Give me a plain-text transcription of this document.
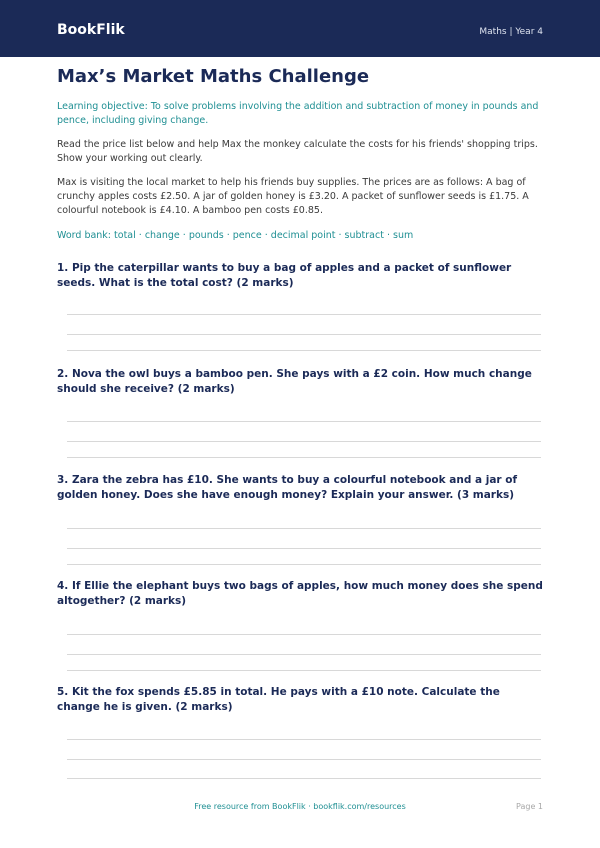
BookFlik	Maths | Year 4
Max’s Market Maths Challenge
Learning objective: To solve problems involving the addition and subtraction of money in pounds and pence, including giving change.
Read the price list below and help Max the monkey calculate the costs for his friends' shopping trips. Show your working out clearly.
Max is visiting the local market to help his friends buy supplies. The prices are as follows: A bag of crunchy apples costs £2.50. A jar of golden honey is £3.20. A packet of sunflower seeds is £1.75. A colourful notebook is £4.10. A bamboo pen costs £0.85.
Word bank: total · change · pounds · pence · decimal point · subtract · sum
1. Pip the caterpillar wants to buy a bag of apples and a packet of sunflower seeds. What is the total cost? (2 marks)
2. Nova the owl buys a bamboo pen. She pays with a £2 coin. How much change should she receive? (2 marks)
3. Zara the zebra has £10. She wants to buy a colourful notebook and a jar of golden honey. Does she have enough money? Explain your answer. (3 marks)
4. If Ellie the elephant buys two bags of apples, how much money does she spend altogether? (2 marks)
5. Kit the fox spends £5.85 in total. He pays with a £10 note. Calculate the change he is given. (2 marks)
Free resource from BookFlik · bookflik.com/resources	Page 1
